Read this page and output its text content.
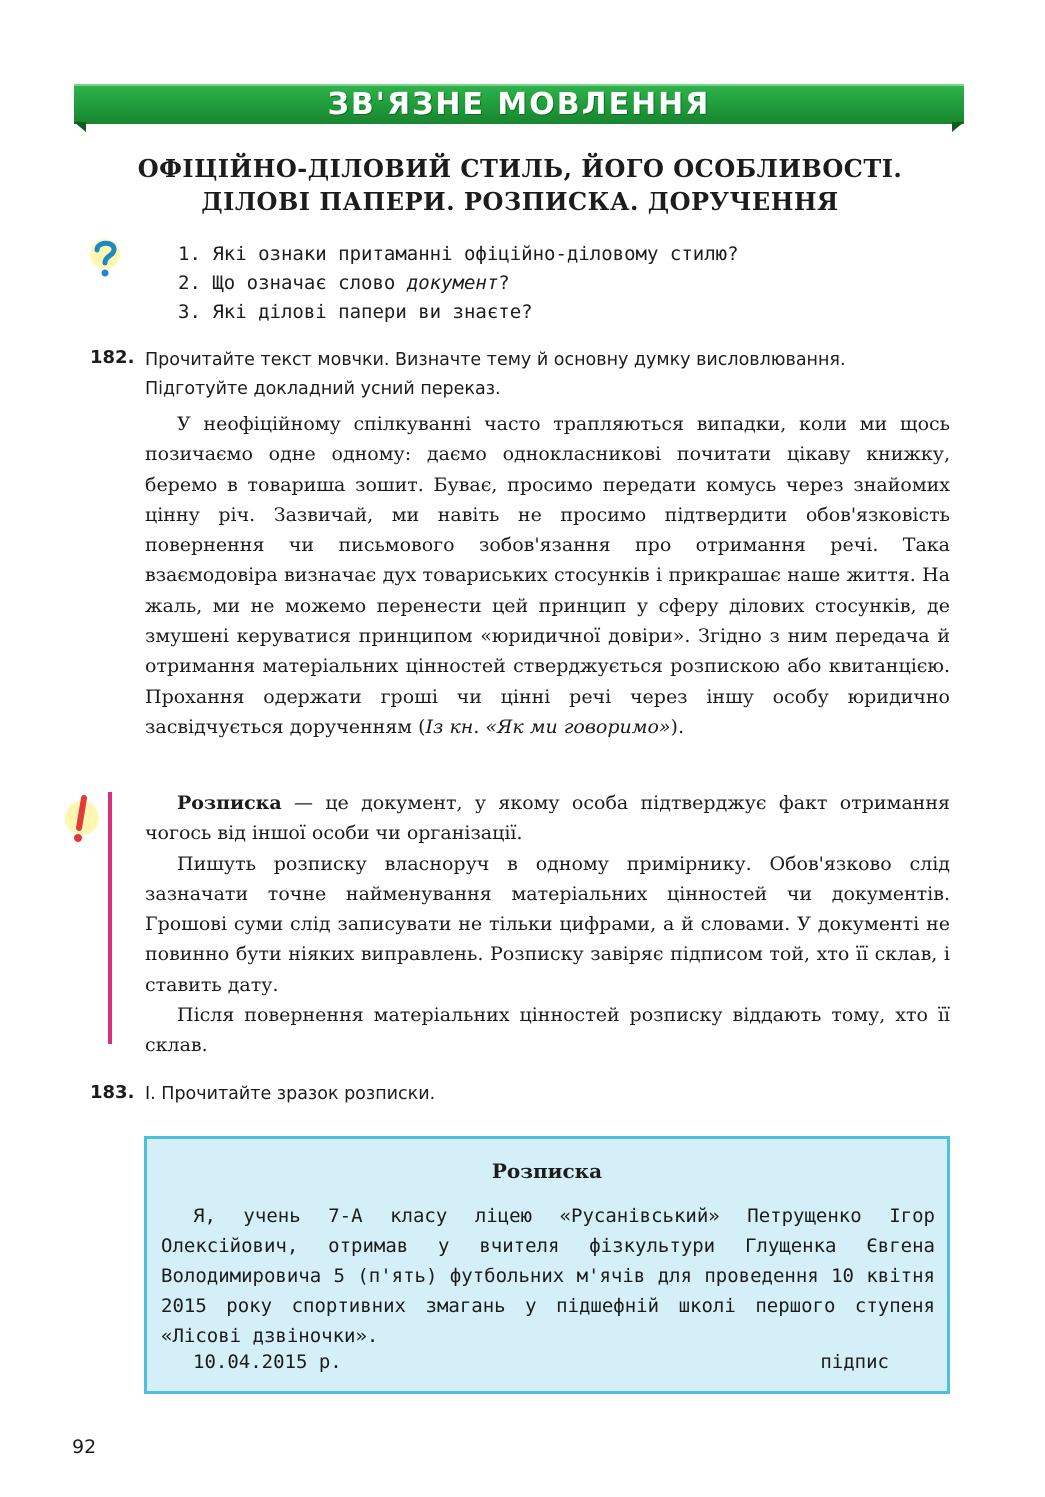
ЗВ'ЯЗНЕ МОВЛЕННЯ
ОФІЦІЙНО-ДІЛОВИЙ СТИЛЬ, ЙОГО ОСОБЛИВОСТІ.
ДІЛОВІ ПАПЕРИ. РОЗПИСКА. ДОРУЧЕННЯ
1. Які ознаки притаманні офіційно-діловому стилю?
2. Що означає слово документ?
3. Які ділові папери ви знаєте?
182. Прочитайте текст мовчки. Визначте тему й основну думку висловлювання.
Підготуйте докладний усний переказ.

У неофіційному спілкуванні часто трапляються випадки, коли ми щось позичаємо одне одному: даємо однокласникові почитати цікаву книжку, беремо в товариша зошит. Буває, просимо передати комусь через знайомих цінну річ. Зазвичай, ми навіть не просимо підтвердити обов'язковість повернення чи письмового зобов'язання про отримання речі. Така взаємодовіра визначає дух товариських стосунків і прикрашає наше життя. На жаль, ми не можемо перенести цей принцип у сферу ділових стосунків, де змушені керуватися принципом «юридичної довіри». Згідно з ним передача й отримання матеріальних цінностей стверджується розпискою або квитанцією. Прохання одержати гроші чи цінні речі через іншу особу юридично засвідчується дорученням (Із кн. «Як ми говоримо»).

Розписка — це документ, у якому особа підтверджує факт отримання чогось від іншої особи чи організації.

Пишуть розписку власноруч в одному примірнику. Обов'язково слід зазначати точне найменування матеріальних цінностей чи документів. Грошові суми слід записувати не тільки цифрами, а й словами. У документі не повинно бути ніяких виправлень. Розписку завіряє підписом той, хто її склав, і ставить дату.

Після повернення матеріальних цінностей розписку віддають тому, хто її склав.

183. І. Прочитайте зразок розписки.
Розписка

Я, учень 7-А класу ліцею «Русанівський» Петрущенко Ігор Олексійович, отримав у вчителя фізкультури Глущенка Євгена Володимировича 5 (п'ять) футбольних м'ячів для проведення 10 квітня 2015 року спортивних змагань у підшефній школі першого ступеня «Лісові дзвіночки».

10.04.2015 р.	підпис
92
